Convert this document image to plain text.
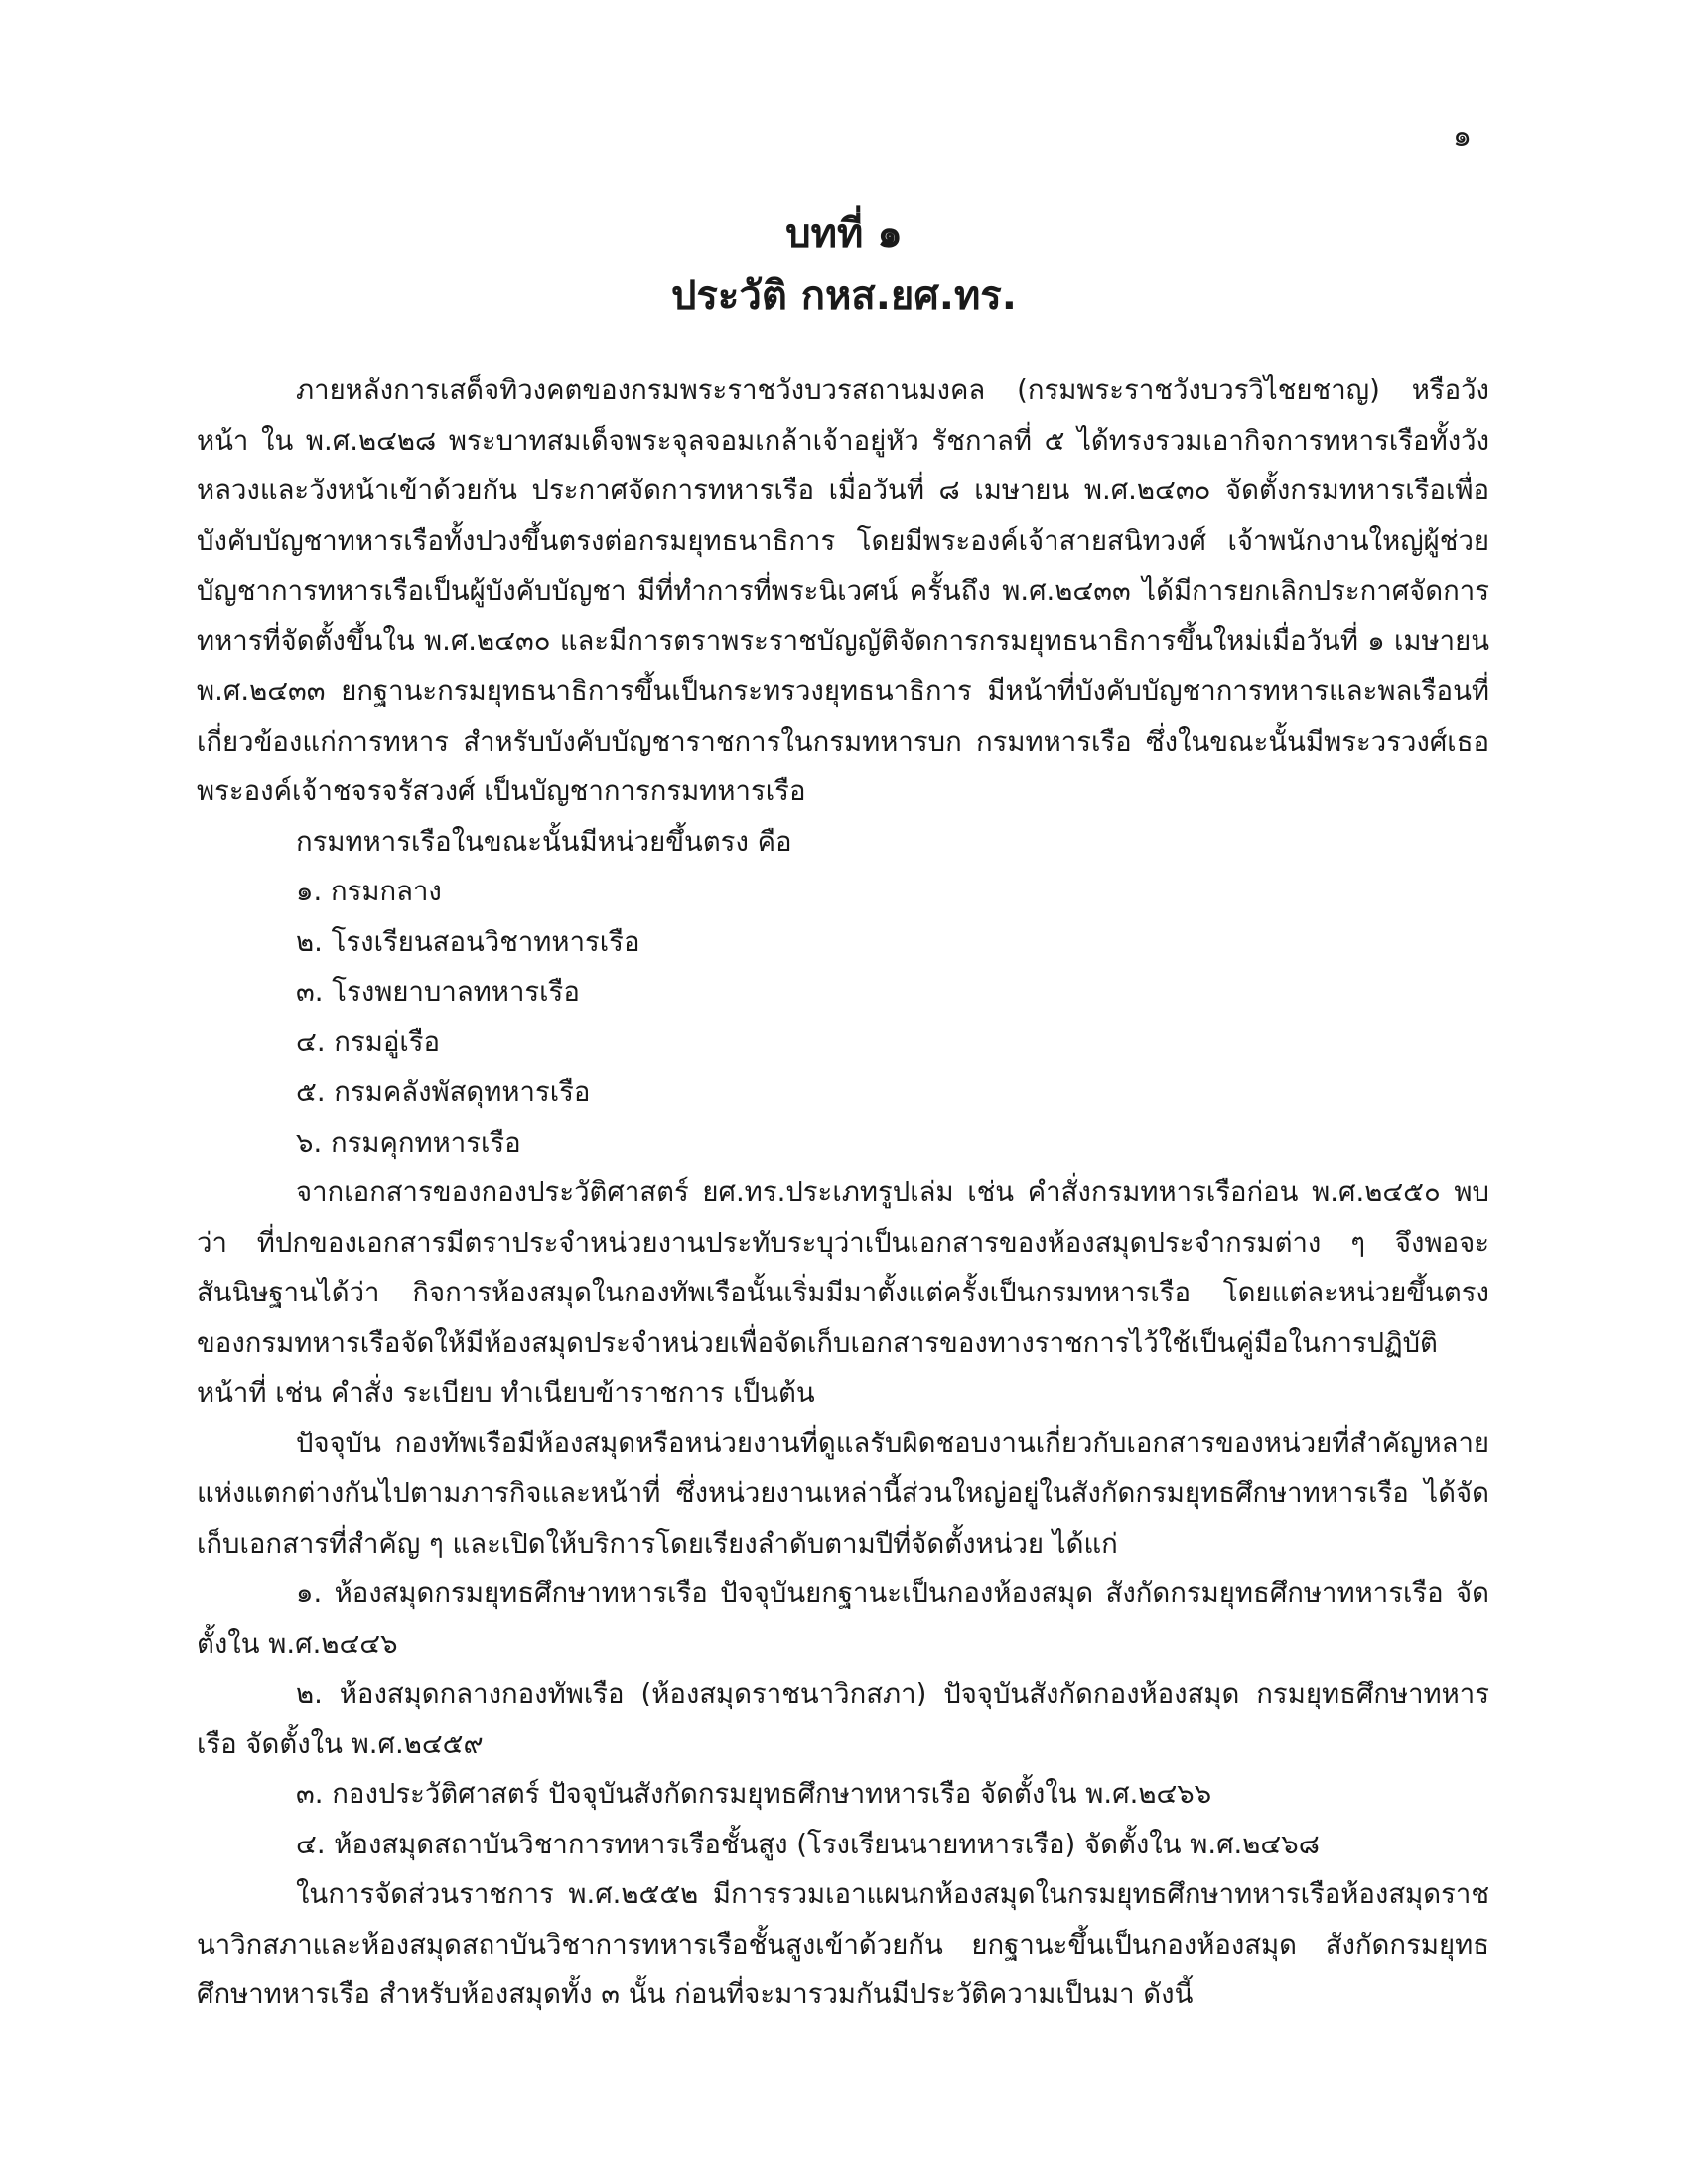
๑
บทที่ ๑
ประวัติ กหส.ยศ.ทร.

ภายหลังการเสด็จทิวงคตของกรมพระราชวังบวรสถานมงคล (กรมพระราชวังบวรวิไชยชาญ) หรือวังหน้า ใน พ.ศ.๒๔๒๘ พระบาทสมเด็จพระจุลจอมเกล้าเจ้าอยู่หัว รัชกาลที่ ๕ ได้ทรงรวมเอากิจการทหารเรือทั้งวังหลวงและวังหน้าเข้าด้วยกัน ประกาศจัดการทหารเรือ เมื่อวันที่ ๘ เมษายน พ.ศ.๒๔๓๐ จัดตั้งกรมทหารเรือเพื่อบังคับบัญชาทหารเรือทั้งปวงขึ้นตรงต่อกรมยุทธนาธิการ โดยมีพระองค์เจ้าสายสนิทวงศ์ เจ้าพนักงานใหญ่ผู้ช่วยบัญชาการทหารเรือเป็นผู้บังคับบัญชา มีที่ทำการที่พระนิเวศน์ ครั้นถึง พ.ศ.๒๔๓๓ ได้มีการยกเลิกประกาศจัดการทหารที่จัดตั้งขึ้นใน พ.ศ.๒๔๓๐ และมีการตราพระราชบัญญัติจัดการกรมยุทธนาธิการขึ้นใหม่เมื่อวันที่ ๑ เมษายน พ.ศ.๒๔๓๓ ยกฐานะกรมยุทธนาธิการขึ้นเป็นกระทรวงยุทธนาธิการ มีหน้าที่บังคับบัญชาการทหารและพลเรือนที่เกี่ยวข้องแก่การทหาร สำหรับบังคับบัญชาราชการในกรมทหารบก กรมทหารเรือ ซึ่งในขณะนั้นมีพระวรวงศ์เธอพระองค์เจ้าชจรจรัสวงศ์ เป็นบัญชาการกรมทหารเรือ

กรมทหารเรือในขณะนั้นมีหน่วยขึ้นตรง คือ

๑. กรมกลาง

๒. โรงเรียนสอนวิชาทหารเรือ

๓. โรงพยาบาลทหารเรือ

๔. กรมอู่เรือ

๕. กรมคลังพัสดุทหารเรือ

๖. กรมคุกทหารเรือ

จากเอกสารของกองประวัติศาสตร์ ยศ.ทร.ประเภทรูปเล่ม เช่น คำสั่งกรมทหารเรือก่อน พ.ศ.๒๔๕๐ พบว่า ที่ปกของเอกสารมีตราประจำหน่วยงานประทับระบุว่าเป็นเอกสารของห้องสมุดประจำกรมต่าง ๆ จึงพอจะสันนิษฐานได้ว่า กิจการห้องสมุดในกองทัพเรือนั้นเริ่มมีมาตั้งแต่ครั้งเป็นกรมทหารเรือ โดยแต่ละหน่วยขึ้นตรงของกรมทหารเรือจัดให้มีห้องสมุดประจำหน่วยเพื่อจัดเก็บเอกสารของทางราชการไว้ใช้เป็นคู่มือในการปฏิบัติหน้าที่ เช่น คำสั่ง ระเบียบ ทำเนียบข้าราชการ เป็นต้น

ปัจจุบัน กองทัพเรือมีห้องสมุดหรือหน่วยงานที่ดูแลรับผิดชอบงานเกี่ยวกับเอกสารของหน่วยที่สำคัญหลายแห่งแตกต่างกันไปตามภารกิจและหน้าที่ ซึ่งหน่วยงานเหล่านี้ส่วนใหญ่อยู่ในสังกัดกรมยุทธศึกษาทหารเรือ ได้จัดเก็บเอกสารที่สำคัญ ๆ และเปิดให้บริการโดยเรียงลำดับตามปีที่จัดตั้งหน่วย ได้แก่

๑. ห้องสมุดกรมยุทธศึกษาทหารเรือ ปัจจุบันยกฐานะเป็นกองห้องสมุด สังกัดกรมยุทธศึกษาทหารเรือ จัดตั้งใน พ.ศ.๒๔๔๖

๒. ห้องสมุดกลางกองทัพเรือ (ห้องสมุดราชนาวิกสภา) ปัจจุบันสังกัดกองห้องสมุด กรมยุทธศึกษาทหารเรือ จัดตั้งใน พ.ศ.๒๔๕๙

๓. กองประวัติศาสตร์ ปัจจุบันสังกัดกรมยุทธศึกษาทหารเรือ จัดตั้งใน พ.ศ.๒๔๖๖

๔. ห้องสมุดสถาบันวิชาการทหารเรือชั้นสูง (โรงเรียนนายทหารเรือ) จัดตั้งใน พ.ศ.๒๔๖๘

ในการจัดส่วนราชการ พ.ศ.๒๕๕๒ มีการรวมเอาแผนกห้องสมุดในกรมยุทธศึกษาทหารเรือห้องสมุดราชนาวิกสภาและห้องสมุดสถาบันวิชาการทหารเรือชั้นสูงเข้าด้วยกัน ยกฐานะขึ้นเป็นกองห้องสมุด สังกัดกรมยุทธศึกษาทหารเรือ สำหรับห้องสมุดทั้ง ๓ นั้น ก่อนที่จะมารวมกันมีประวัติความเป็นมา ดังนี้
